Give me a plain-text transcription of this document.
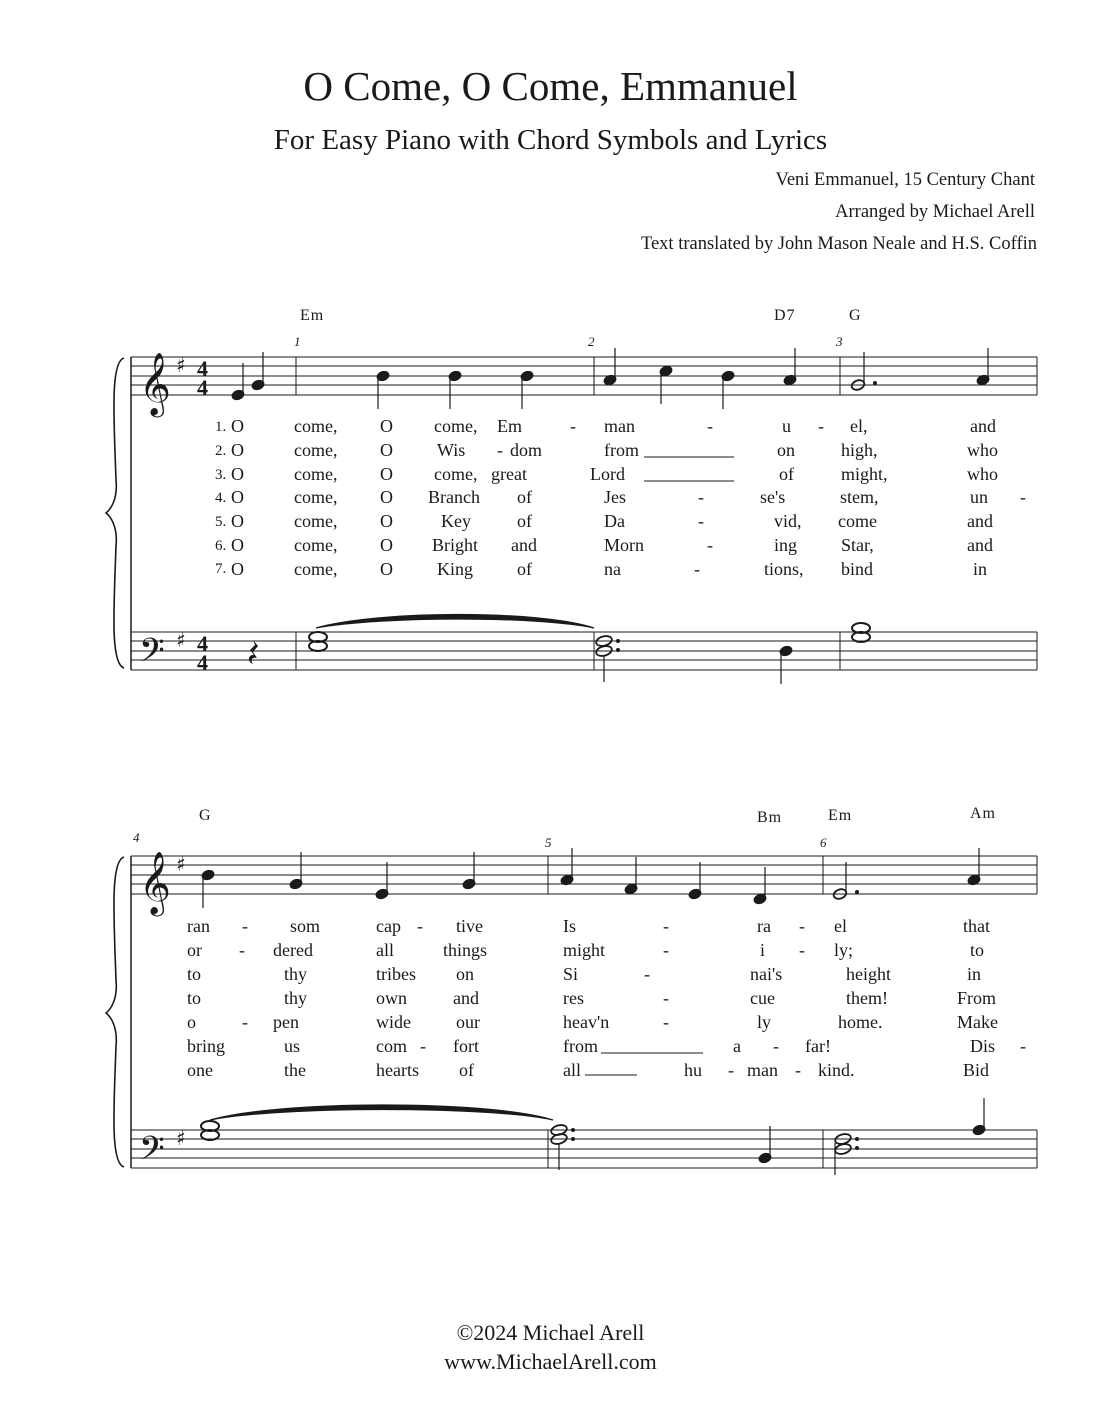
O Come, O Come, Emmanuel
For Easy Piano with Chord Symbols and Lyrics
Veni Emmanuel, 15 Century Chant
Arranged by Michael Arell
Text translated by John Mason Neale and H.S. Coffin
Em	D7	G
1	2	3
G	Bm	Em	Am
4	5	6
1.
2.
3.
4.
5.
6.
7.
O	come, O come, Em	- man	-	u - el,	and
O	come, O Wis - dom	from	on	high,	who
O	come, O come, great	Lord	of	might,	who
O	come, O Branch of	Jes	-	se's	stem,	un -
O	come, O	Key	of	Da	-	vid, come	and
O	come, O Bright and	Morn	-	ing Star,	and
O	come, O King of	na	-	tions, bind	in
ran - som	cap - tive	Is	-	ra - el	that
or - dered	all	things	might	-	i - ly;	to
to	thy	tribes on	Si	-	nai's	height	in
to	thy	own	and	res	-	cue	them!	From
o	- pen	wide	our	heav'n	-	ly	home.	Make
bring	us	com - fort	from	a - far!	Dis -
one	the	hearts of	all	hu - man - kind.	Bid
𝄞
𝄢
♯
♯
𝄞
𝄢
♯
♯
4
4
4
4
©2024 Michael Arell
www.MichaelArell.com
